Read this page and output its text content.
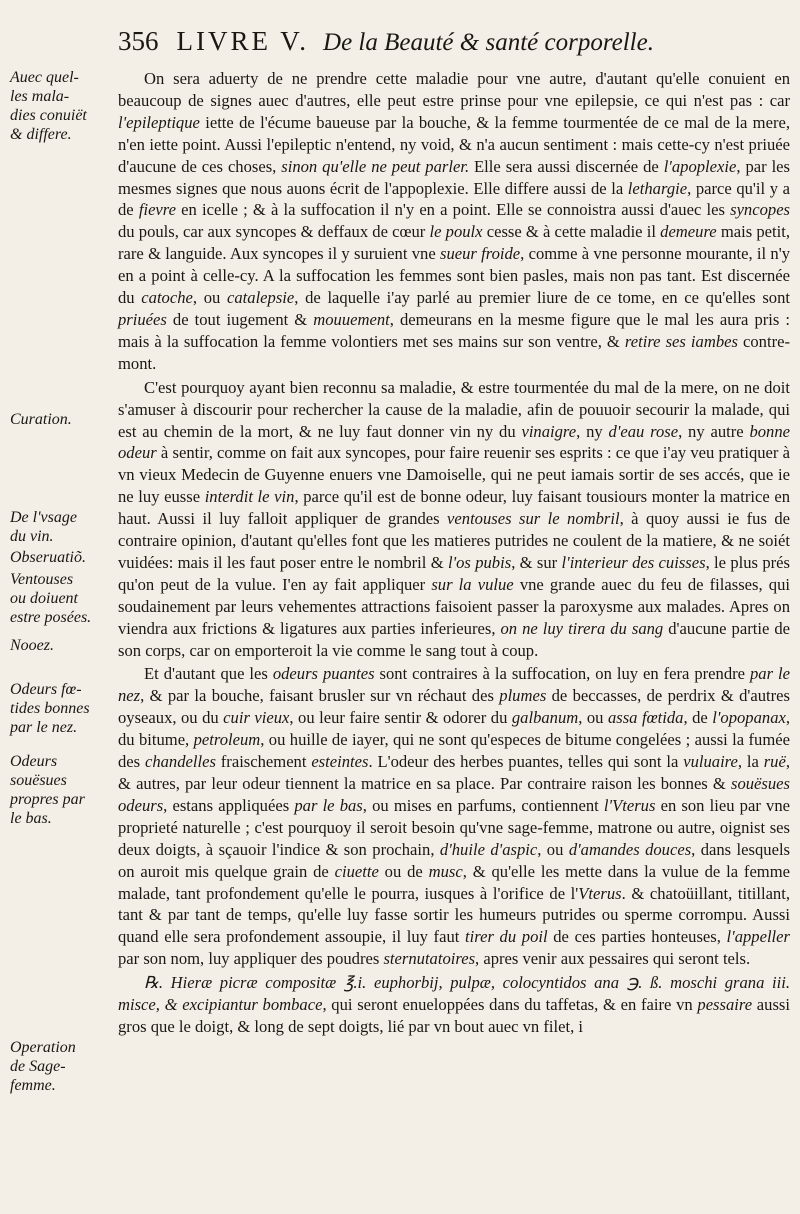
356 LIVRE V. De la Beauté & santé corporelle.
Auec quel-
les mala-
dies conuiët
& differe.
Curation.
De l'vsage
du vin.
Obseruatiõ.
Ventouses
ou doiuent
estre posées.
Nooez.
Odeurs fœ-
tides bonnes
par le nez.
Odeurs
souësues
propres par
le bas.
Operation
de Sage-
femme.

On sera aduerty de ne prendre cette maladie pour vne autre, d'autant qu'elle conuient en beaucoup de signes auec d'autres, elle peut estre prinse pour vne epilepsie, ce qui n'est pas : car l'epileptique iette de l'écume baueuse par la bouche, & la femme tourmentée de ce mal de la mere, n'en iette point. Aussi l'epileptic n'entend, ny void, & n'a aucun sentiment : mais cette-cy n'est priuée d'aucune de ces choses, sinon qu'elle ne peut parler. Elle sera aussi discernée de l'apoplexie, par les mesmes signes que nous auons écrit de l'appoplexie. Elle differe aussi de la lethargie, parce qu'il y a de fievre en icelle ; & à la suffocation il n'y en a point. Elle se connoistra aussi d'auec les syncopes du pouls, car aux syncopes & deffaux de cœur le poulx cesse & à cette maladie il demeure mais petit, rare & languide. Aux syncopes il y suruient vne sueur froide, comme à vne personne mourante, il n'y en a point à celle-cy. A la suffocation les femmes sont bien pasles, mais non pas tant. Est discernée du catoche, ou catalepsie, de laquelle i'ay parlé au premier liure de ce tome, en ce qu'elles sont priuées de tout iugement & mouuement, demeurans en la mesme figure que le mal les aura pris : mais à la suffocation la femme volontiers met ses mains sur son ventre, & retire ses iambes contre-mont.

C'est pourquoy ayant bien reconnu sa maladie, & estre tourmentée du mal de la mere, on ne doit s'amuser à discourir pour rechercher la cause de la maladie, afin de pouuoir secourir la malade, qui est au chemin de la mort, & ne luy faut donner vin ny du vinaigre, ny d'eau rose, ny autre bonne odeur à sentir, comme on fait aux syncopes, pour faire reuenir ses esprits : ce que i'ay veu pratiquer à vn vieux Medecin de Guyenne enuers vne Damoiselle, qui ne peut iamais sortir de ses accés, que ie ne luy eusse interdit le vin, parce qu'il est de bonne odeur, luy faisant tousiours monter la matrice en haut. Aussi il luy falloit appliquer de grandes ventouses sur le nombril, à quoy aussi ie fus de contraire opinion, d'autant qu'elles font que les matieres putrides ne coulent de la matiere, & ne soiét vuidées: mais il les faut poser entre le nombril & l'os pubis, & sur l'interieur des cuisses, le plus prés qu'on peut de la vulue. I'en ay fait appliquer sur la vulue vne grande auec du feu de filasses, qui soudainement par leurs vehementes attractions faisoient passer la paroxysme aux malades. Apres on viendra aux frictions & ligatures aux parties inferieures, on ne luy tirera du sang d'aucune partie de son corps, car on emporteroit la vie comme le sang tout à coup.

Et d'autant que les odeurs puantes sont contraires à la suffocation, on luy en fera prendre par le nez, & par la bouche, faisant brusler sur vn réchaut des plumes de beccasses, de perdrix & d'autres oyseaux, ou du cuir vieux, ou leur faire sentir & odorer du galbanum, ou assa fœtida, de l'opopanax, du bitume, petroleum, ou huille de iayer, qui ne sont qu'especes de bitume congelées ; aussi la fumée des chandelles fraischement esteintes. L'odeur des herbes puantes, telles qui sont la vuluaire, la ruë, & autres, par leur odeur tiennent la matrice en sa place. Par contraire raison les bonnes & souësues odeurs, estans appliquées par le bas, ou mises en parfums, contiennent l'Vterus en son lieu par vne proprieté naturelle ; c'est pourquoy il seroit besoin qu'vne sage-femme, matrone ou autre, oignist ses deux doigts, à sçauoir l'indice & son prochain, d'huile d'aspic, ou d'amandes douces, dans lesquels on auroit mis quelque grain de ciuette ou de musc, & qu'elle les mette dans la vulue de la femme malade, tant profondement qu'elle le pourra, iusques à l'orifice de l'Vterus. & chatoüillant, titillant, tant & par tant de temps, qu'elle luy fasse sortir les humeurs putrides ou sperme corrompu. Aussi quand elle sera profondement assoupie, il luy faut tirer du poil de ces parties honteuses, l'appeller par son nom, luy appliquer des poudres sternutatoires, apres venir aux pessaires qui seront tels.

℞. Hieræ picræ compositæ ℥.i. euphorbij, pulpæ, colocyntidos ana ℈. ß. moschi grana iii. misce, & excipiantur bombace, qui seront enueloppées dans du taffetas, & en faire vn pessaire aussi gros que le doigt, & long de sept doigts, lié par vn bout auec vn filet, i
